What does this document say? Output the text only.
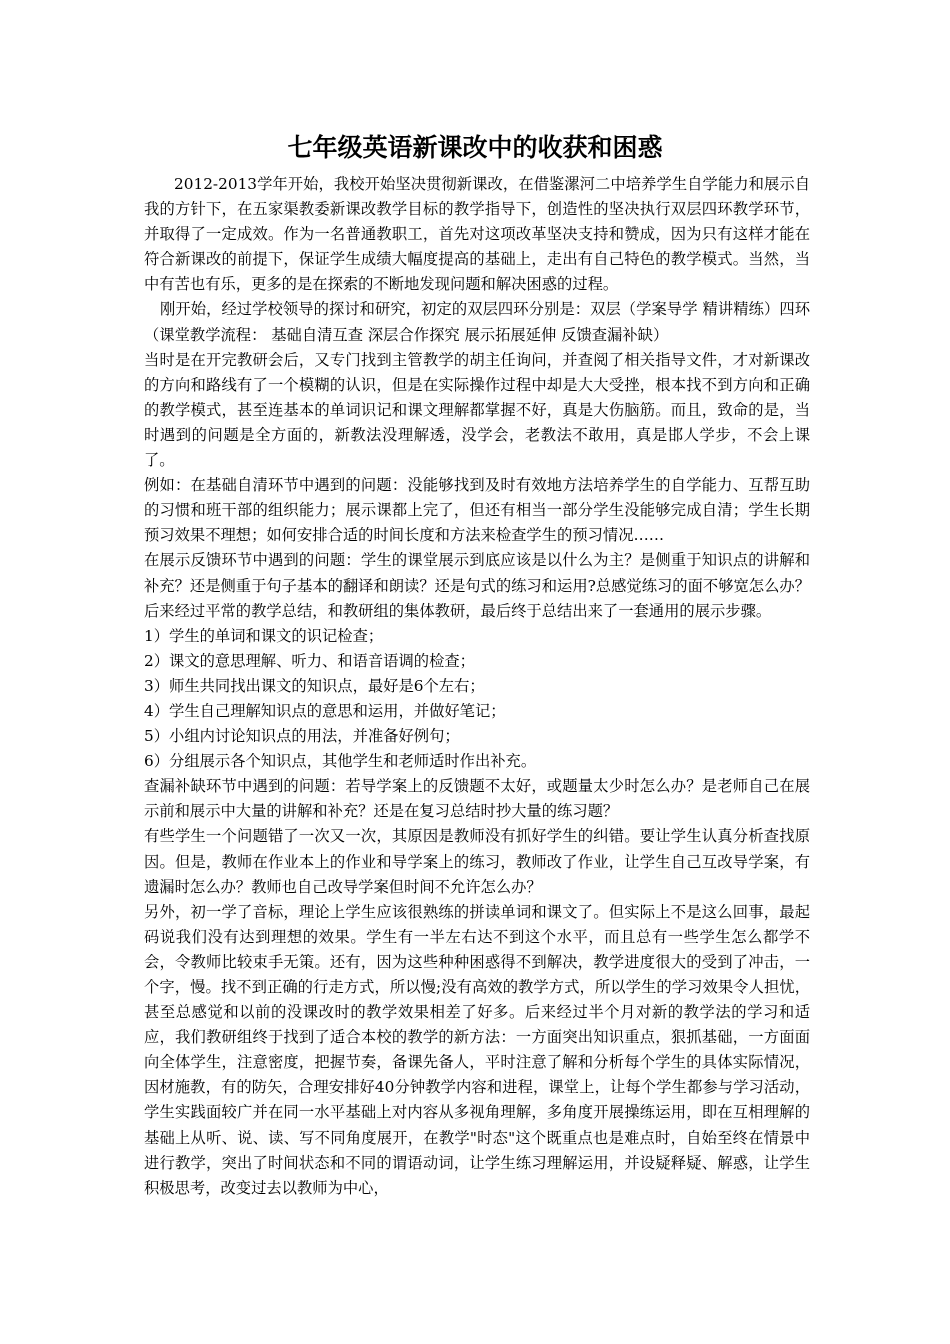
七年级英语新课改中的收获和困惑

2012-2013学年开始，我校开始坚决贯彻新课改，在借鉴漯河二中培养学生自学能力和展示自我的方针下，在五家渠教委新课改教学目标的教学指导下，创造性的坚决执行双层四环教学环节，并取得了一定成效。作为一名普通教职工，首先对这项改革坚决支持和赞成，因为只有这样才能在符合新课改的前提下，保证学生成绩大幅度提高的基础上，走出有自己特色的教学模式。当然，当中有苦也有乐，更多的是在探索的不断地发现问题和解决困惑的过程。

刚开始，经过学校领导的探讨和研究，初定的双层四环分别是：双层（学案导学 精讲精练）四环（课堂教学流程： 基础自清互查 深层合作探究 展示拓展延伸 反馈查漏补缺）

当时是在开完教研会后，又专门找到主管教学的胡主任询问，并查阅了相关指导文件，才对新课改的方向和路线有了一个模糊的认识，但是在实际操作过程中却是大大受挫，根本找不到方向和正确的教学模式，甚至连基本的单词识记和课文理解都掌握不好，真是大伤脑筋。而且，致命的是，当时遇到的问题是全方面的，新教法没理解透，没学会，老教法不敢用，真是邯人学步，不会上课了。

例如：在基础自清环节中遇到的问题：没能够找到及时有效地方法培养学生的自学能力、互帮互助的习惯和班干部的组织能力；展示课都上完了，但还有相当一部分学生没能够完成自清；学生长期预习效果不理想；如何安排合适的时间长度和方法来检查学生的预习情况……

在展示反馈环节中遇到的问题：学生的课堂展示到底应该是以什么为主？是侧重于知识点的讲解和补充？还是侧重于句子基本的翻译和朗读？还是句式的练习和运用?总感觉练习的面不够宽怎么办？后来经过平常的教学总结，和教研组的集体教研，最后终于总结出来了一套通用的展示步骤。

1）学生的单词和课文的识记检查；

2）课文的意思理解、听力、和语音语调的检查；

3）师生共同找出课文的知识点，最好是6个左右；

4）学生自己理解知识点的意思和运用，并做好笔记；

5）小组内讨论知识点的用法，并准备好例句；

6）分组展示各个知识点，其他学生和老师适时作出补充。

查漏补缺环节中遇到的问题：若导学案上的反馈题不太好，或题量太少时怎么办？是老师自己在展示前和展示中大量的讲解和补充？还是在复习总结时抄大量的练习题？

有些学生一个问题错了一次又一次，其原因是教师没有抓好学生的纠错。要让学生认真分析查找原因。但是，教师在作业本上的作业和导学案上的练习，教师改了作业，让学生自己互改导学案，有遗漏时怎么办？教师也自己改导学案但时间不允许怎么办？

另外，初一学了音标，理论上学生应该很熟练的拼读单词和课文了。但实际上不是这么回事，最起码说我们没有达到理想的效果。学生有一半左右达不到这个水平，而且总有一些学生怎么都学不会，令教师比较束手无策。还有，因为这些种种困惑得不到解决，教学进度很大的受到了冲击，一个字，慢。找不到正确的行走方式，所以慢;没有高效的教学方式，所以学生的学习效果令人担忧，甚至总感觉和以前的没课改时的教学效果相差了好多。后来经过半个月对新的教学法的学习和适应，我们教研组终于找到了适合本校的教学的新方法：一方面突出知识重点，狠抓基础，一方面面向全体学生，注意密度，把握节奏，备课先备人，平时注意了解和分析每个学生的具体实际情况，因材施教，有的防矢，合理安排好40分钟教学内容和进程，课堂上，让每个学生都参与学习活动，学生实践面较广并在同一水平基础上对内容从多视角理解，多角度开展操练运用，即在互相理解的基础上从听、说、读、写不同角度展开，在教学"时态"这个既重点也是难点时，自始至终在情景中进行教学，突出了时间状态和不同的谓语动词，让学生练习理解运用，并设疑释疑、解惑，让学生积极思考，改变过去以教师为中心，
